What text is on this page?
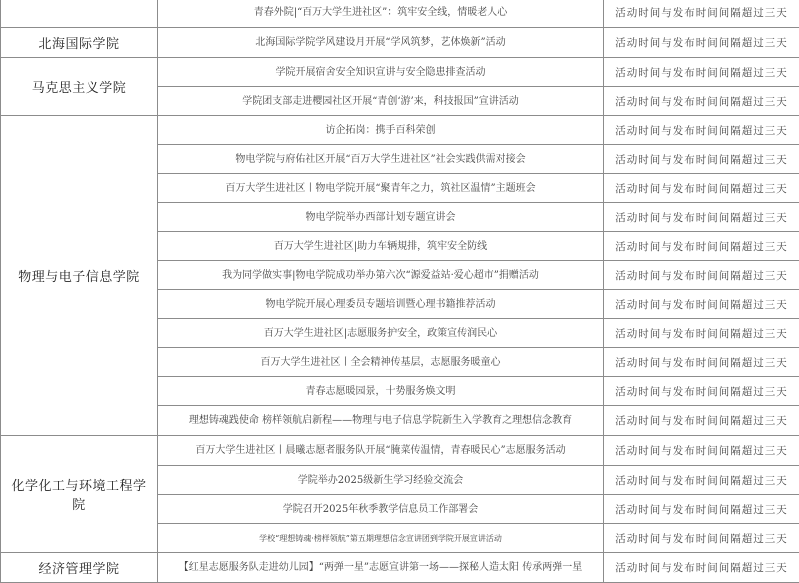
	青春外院|“百万大学生进社区”：筑牢安全线，情暖老人心	活动时间与发布时间间隔超过三天
北海国际学院	北海国际学院学风建设月开展“学风筑梦，艺体焕新”活动	活动时间与发布时间间隔超过三天
马克思主义学院	学院开展宿舍安全知识宣讲与安全隐患排查活动	活动时间与发布时间间隔超过三天
	学院团支部走进樱园社区开展“青创‘游’来，科技报国”宣讲活动	活动时间与发布时间间隔超过三天
物理与电子信息学院	访企拓岗：携手百科荣创	活动时间与发布时间间隔超过三天
	物电学院与府佑社区开展“百万大学生进社区”社会实践供需对接会	活动时间与发布时间间隔超过三天
	百万大学生进社区丨物电学院开展“聚青年之力，筑社区温情”主题班会	活动时间与发布时间间隔超过三天
	物电学院举办西部计划专题宣讲会	活动时间与发布时间间隔超过三天
	百万大学生进社区|助力车辆規排，筑牢安全防线	活动时间与发布时间间隔超过三天
	我为同学做实事|物电学院成功举办第六次“源爱益站·爱心超市”捐赠活动	活动时间与发布时间间隔超过三天
	物电学院开展心理委员专题培训暨心理书籍推荐活动	活动时间与发布时间间隔超过三天
	百万大学生进社区|志愿服务护安全，政策宣传润民心	活动时间与发布时间间隔超过三天
	百万大学生进社区丨全会精神传基层，志愿服务暖童心	活动时间与发布时间间隔超过三天
	青春志愿暖园景，十势服务焕文明	活动时间与发布时间间隔超过三天
	理想铸魂践使命 榜样领航启新程——物理与电子信息学院新生入学教育之理想信念教育	活动时间与发布时间间隔超过三天
化学化工与环境工程学院	百万大学生进社区丨晨曦志愿者服务队开展“腌菜传温情，青春暖民心”志愿服务活动	活动时间与发布时间间隔超过三天
	学院举办2025级新生学习经验交流会	活动时间与发布时间间隔超过三天
	学院召开2025年秋季教学信息员工作部署会	活动时间与发布时间间隔超过三天
	学校“理想铸魂·榜样领航”第五期理想信念宣讲团到学院开展宣讲活动	活动时间与发布时间间隔超过三天
经济管理学院	【红星志愿服务队走进幼儿园】“两弹一星”志愿宣讲第一场——探秘人造太阳 传承两弹一星	活动时间与发布时间间隔超过三天
